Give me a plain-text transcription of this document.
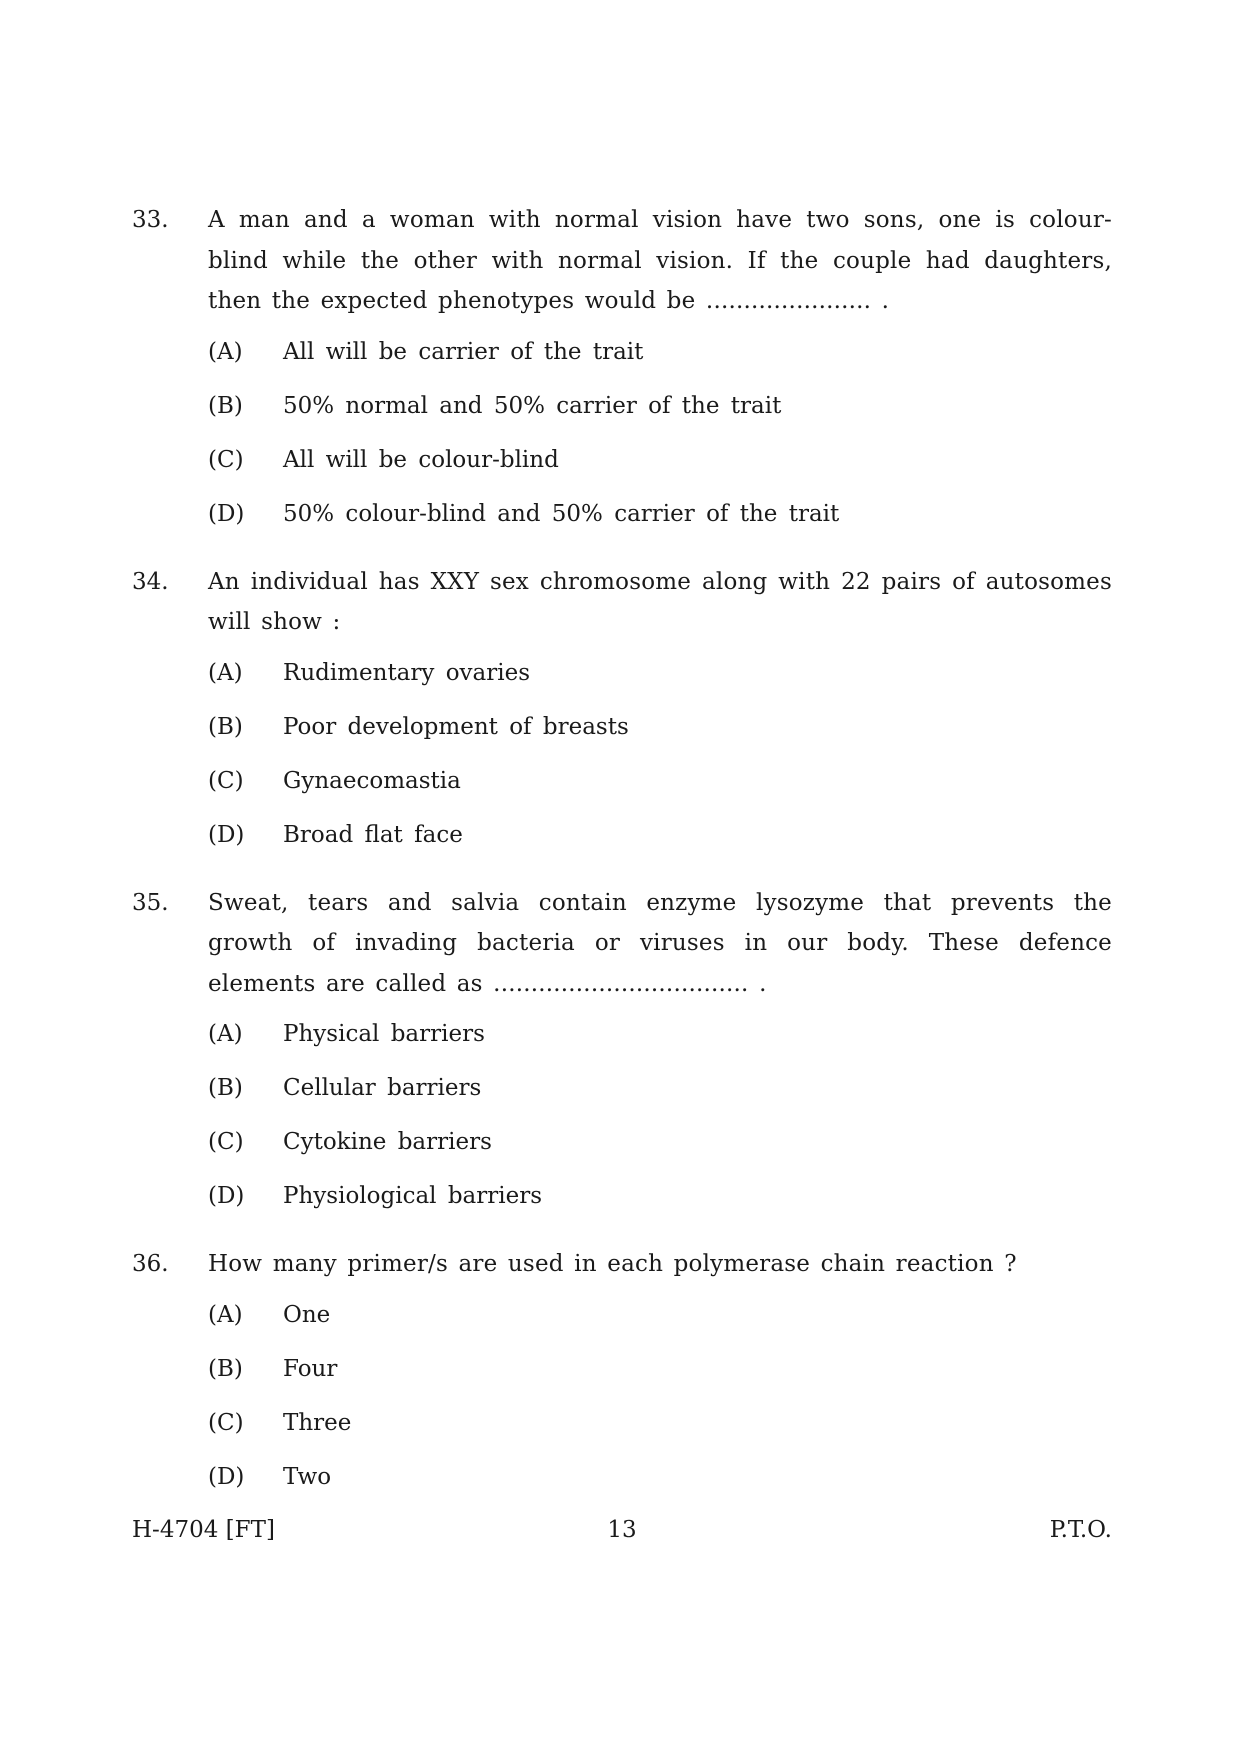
33.	A man and a woman with normal vision have two sons, one is colour-blind while the other with normal vision. If the couple had daughters, then the expected phenotypes would be ...................... .
(A)	All will be carrier of the trait
(B)	50% normal and 50% carrier of the trait
(C)	All will be colour-blind
(D)	50% colour-blind and 50% carrier of the trait
34.	An individual has XXY sex chromosome along with 22 pairs of autosomes will show :
(A)	Rudimentary ovaries
(B)	Poor development of breasts
(C)	Gynaecomastia
(D)	Broad flat face
35.	Sweat, tears and salvia contain enzyme lysozyme that prevents the growth of invading bacteria or viruses in our body. These defence elements are called as .................................. .
(A)	Physical barriers
(B)	Cellular barriers
(C)	Cytokine barriers
(D)	Physiological barriers
36.	How many primer/s are used in each polymerase chain reaction ?
(A)	One
(B)	Four
(C)	Three
(D)	Two
H-4704 [FT]	13	P.T.O.
